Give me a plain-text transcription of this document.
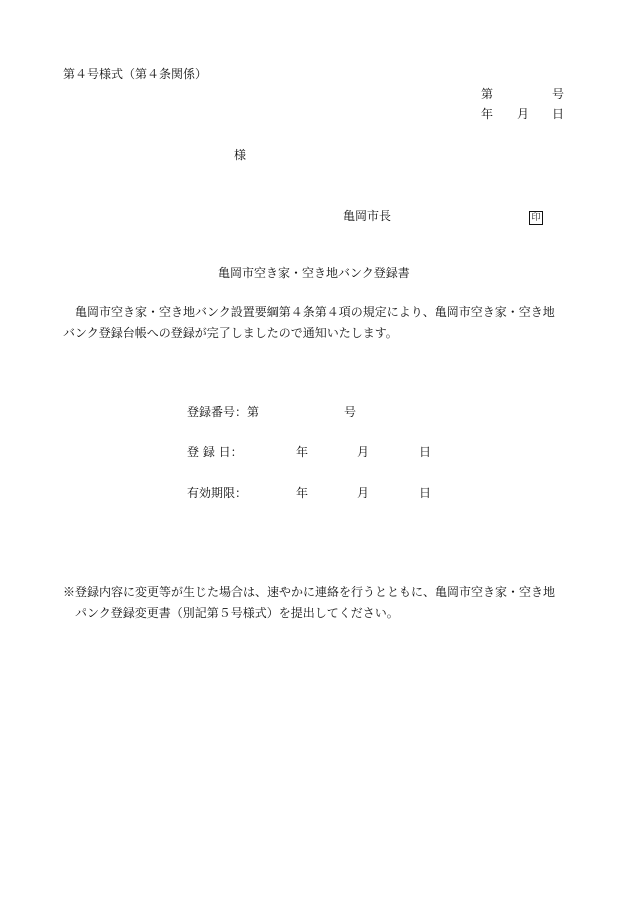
第４号様式（第４条関係）
第	号
年 月 日
様
亀岡市長	印
亀岡市空き家・空き地バンク登録書
亀岡市空き家・空き地バンク設置要綱第４条第４項の規定により、亀岡市空き家・空き地
バンク登録台帳への登録が完了しましたので通知いたします。
登録番号：第	号
登 録 日：	年	月	日
有効期限：	年	月	日
※登録内容に変更等が生じた場合は、速やかに連絡を行うとともに、亀岡市空き家・空き地
パンク登録変更書（別記第５号様式）を提出してください。
